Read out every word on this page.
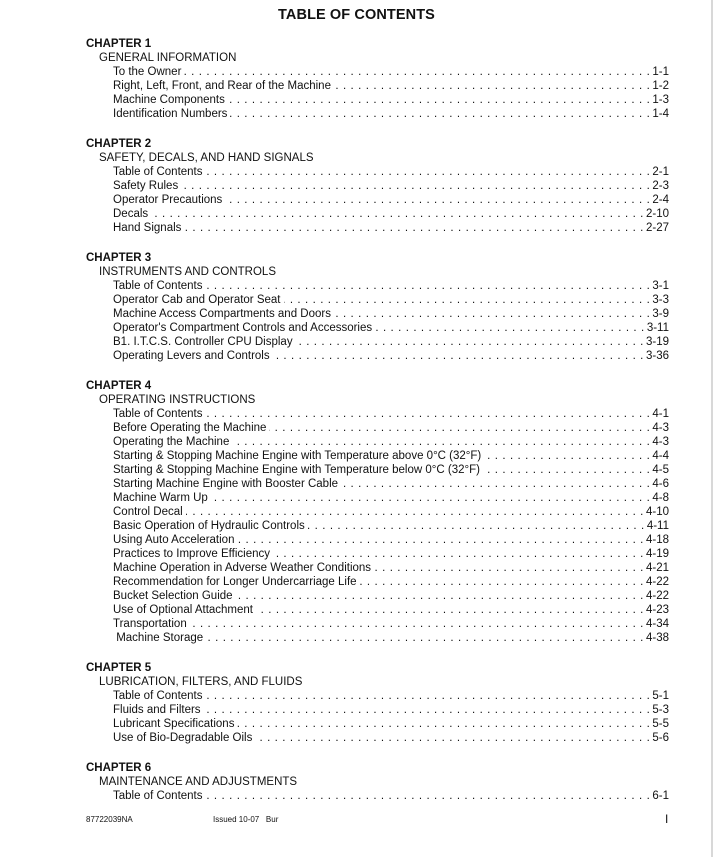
TABLE OF CONTENTS
CHAPTER 1
GENERAL INFORMATION
To the Owner . . .	1-1
Right, Left, Front, and Rear of the Machine . . .	1-2
Machine Components . . .	1-3
Identification Numbers . . .	1-4
CHAPTER 2
SAFETY, DECALS, AND HAND SIGNALS
Table of Contents . . .	2-1
Safety Rules . . .	2-3
Operator Precautions . . .	2-4
Decals . . .	2-10
Hand Signals . . .	2-27
CHAPTER 3
INSTRUMENTS AND CONTROLS
Table of Contents . . .	3-1
Operator Cab and Operator Seat . . .	3-3
Machine Access Compartments and Doors . . .	3-9
Operator's Compartment Controls and Accessories . . .	3-11
B1. I.T.C.S. Controller CPU Display . . .	3-19
Operating Levers and Controls . . .	3-36
CHAPTER 4
OPERATING INSTRUCTIONS
Table of Contents . . .	4-1
Before Operating the Machine . . .	4-3
Operating the Machine . . .	4-3
Starting & Stopping Machine Engine with Temperature above 0°C (32°F) . . .	4-4
Starting & Stopping Machine Engine with Temperature below 0°C (32°F) . . .	4-5
Starting Machine Engine with Booster Cable . . .	4-6
Machine Warm Up . . .	4-8
Control Decal . . .	4-10
Basic Operation of Hydraulic Controls . . .	4-11
Using Auto Acceleration . . .	4-18
Practices to Improve Efficiency . . .	4-19
Machine Operation in Adverse Weather Conditions . . .	4-21
Recommendation for Longer Undercarriage Life . . .	4-22
Bucket Selection Guide . . .	4-22
Use of Optional Attachment . . .	4-23
Transportation . . .	4-34
Machine Storage . . .	4-38
CHAPTER 5
LUBRICATION, FILTERS, AND FLUIDS
Table of Contents . . .	5-1
Fluids and Filters . . .	5-3
Lubricant Specifications . . .	5-5
Use of Bio-Degradable Oils . . .	5-6
CHAPTER 6
MAINTENANCE AND ADJUSTMENTS
Table of Contents . . .	6-1
87722039NA	Issued 10-07   Bur	I
